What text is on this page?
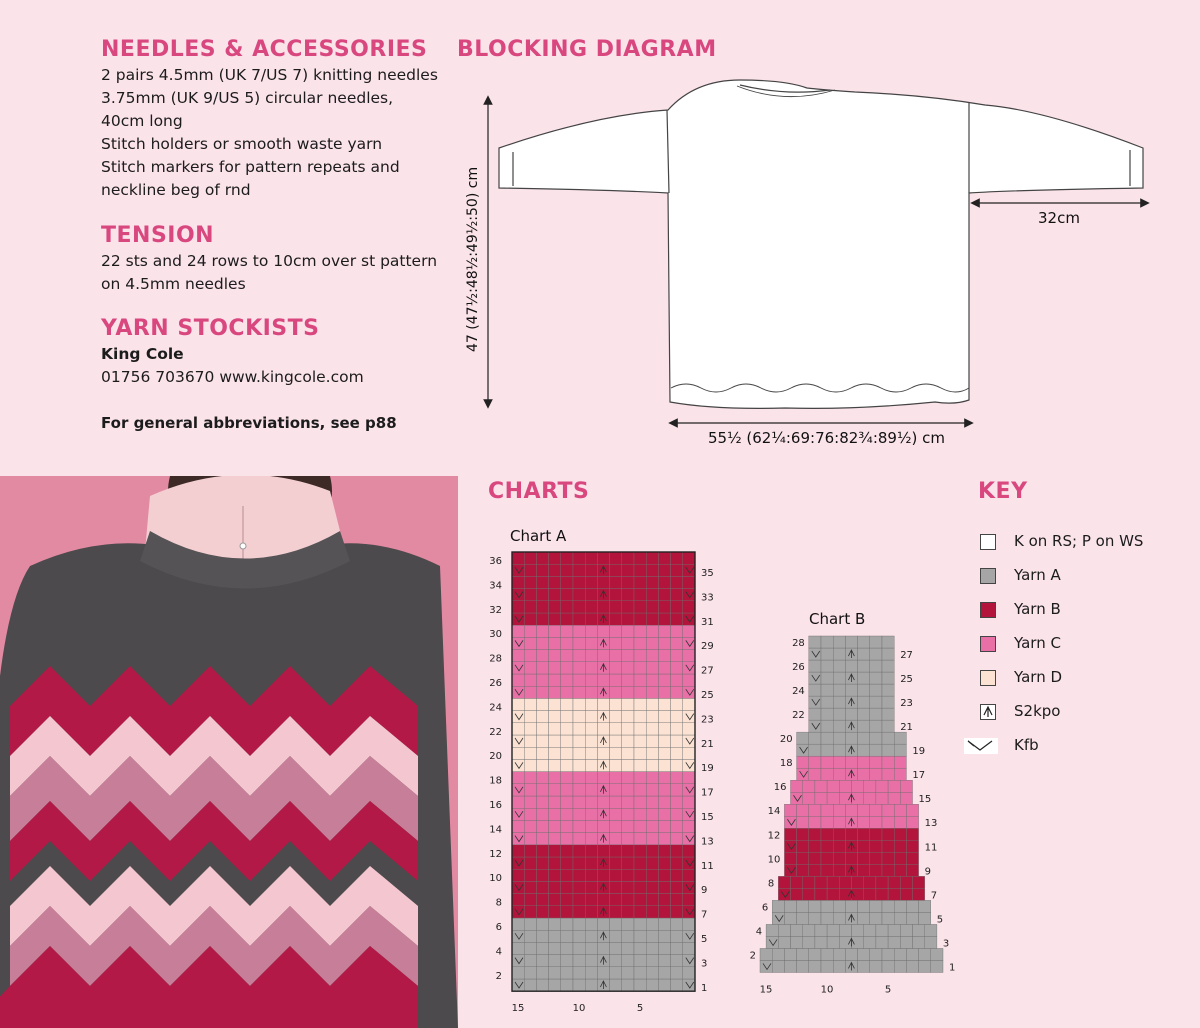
NEEDLES & ACCESSORIES
2 pairs 4.5mm (UK 7/US 7) knitting needles
3.75mm (UK 9/US 5) circular needles,
40cm long
Stitch holders or smooth waste yarn
Stitch markers for pattern repeats and
neckline beg of rnd
TENSION
22 sts and 24 rows to 10cm over st pattern
on 4.5mm needles
YARN STOCKISTS
King Cole
01756 703670 www.kingcole.com
For general abbreviations, see p88
BLOCKING DIAGRAM
32cm
55½ (62¼:69:76:82¾:89½) cm
47 (47½:48½:49½:50) cm
CHARTS
Chart A
Chart B
36
34
32
30
28
26
24
22
20
18
16
14
12
10
8
6
4
2
35
33
31
29
27
25
23
21
19
17
15
13
11
9
7
5
3
1
28
26
24
22
20
18
16
14
12
10
8
6
4
2
27
25
23
21
19
17
15
13
11
9
7
5
3
1
15
15
10
10
5
5
KEY
K on RS; P on WS
Yarn A
Yarn B
Yarn C
Yarn D
S2kpo
Kfb
